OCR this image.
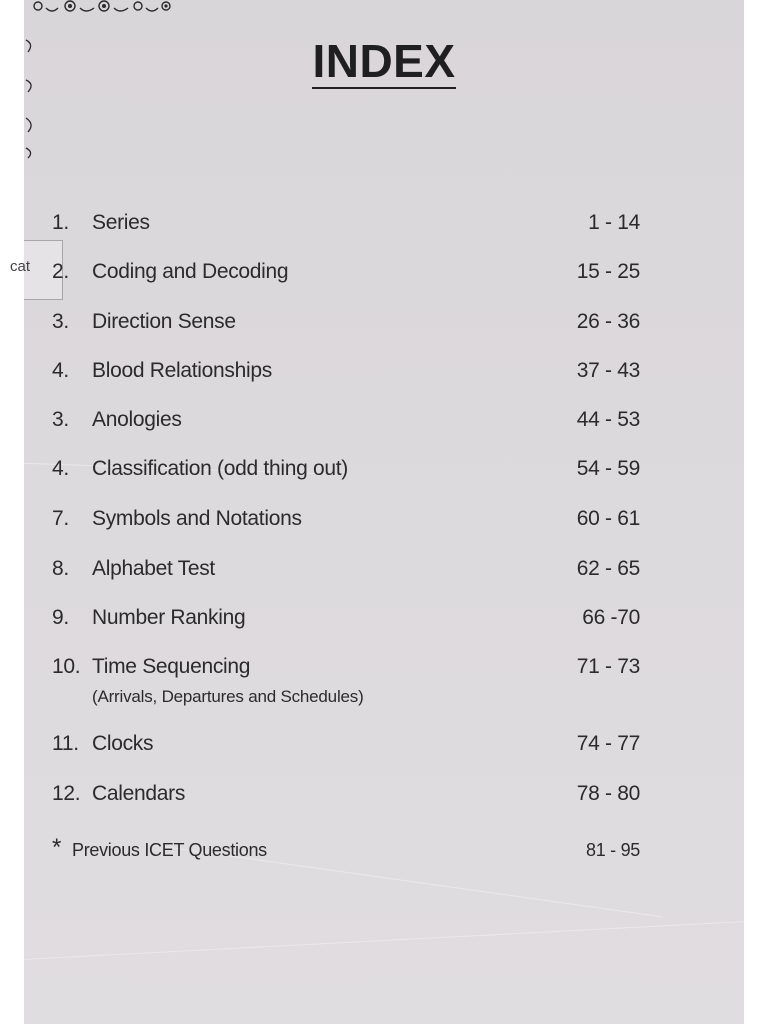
INDEX
cat
1. Series	1 - 14
2. Coding and Decoding	15 - 25
3. Direction Sense	26 - 36
4. Blood Relationships	37 - 43
3. Anologies	44 - 53
4. Classification (odd thing out)	54 - 59
7. Symbols and Notations	60 - 61
8. Alphabet Test	62 - 65
9. Number Ranking	66 -70
10. Time Sequencing	71 - 73
(Arrivals, Departures and Schedules)
11. Clocks	74 - 77
12. Calendars	78 - 80
* Previous ICET Questions	81 - 95
